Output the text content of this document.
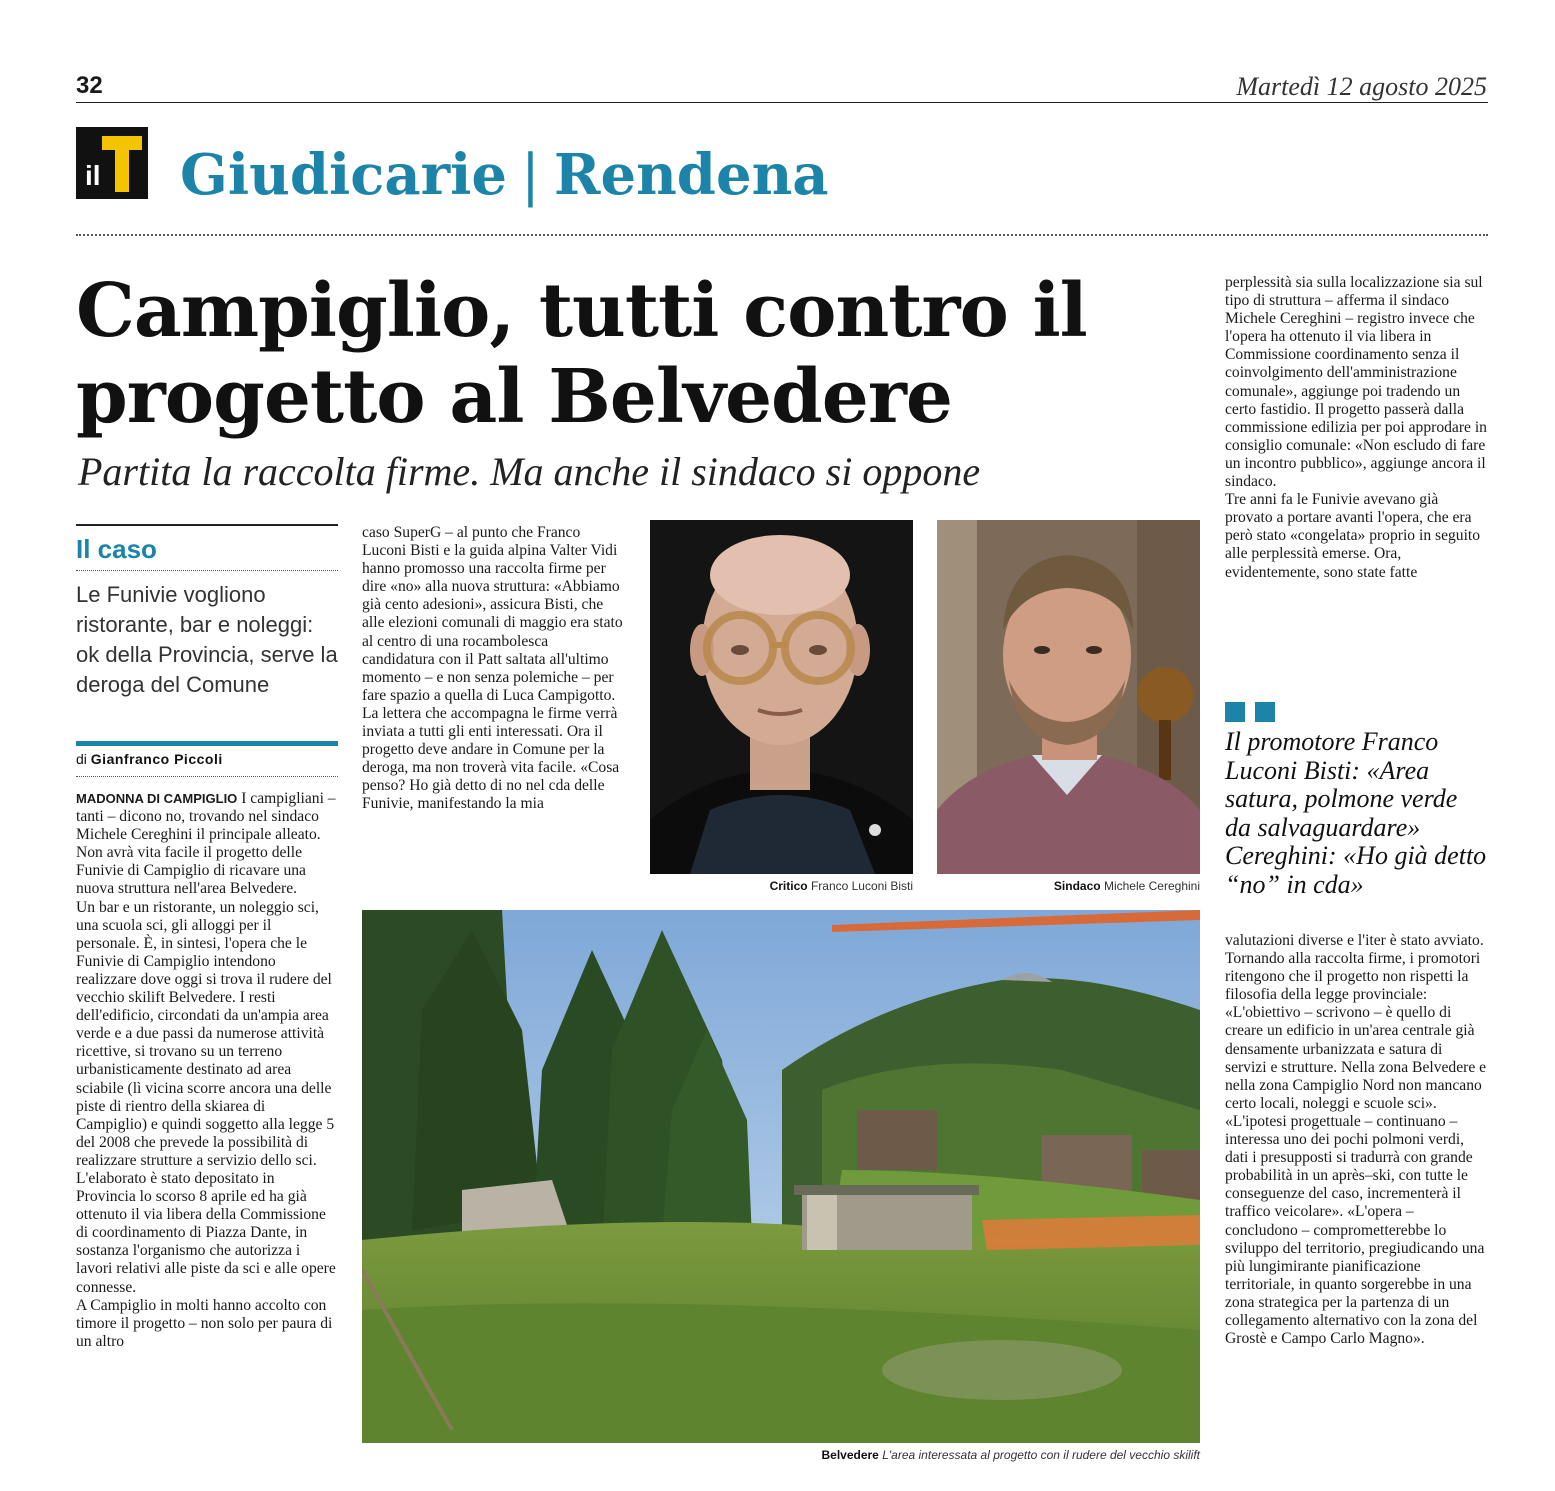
32	Martedì 12 agosto 2025
il Giudicarie | Rendena
Campiglio, tutti contro il progetto al Belvedere
Partita la raccolta firme. Ma anche il sindaco si oppone
Il caso
Le Funivie vogliono ristorante, bar e noleggi: ok della Provincia, serve la deroga del Comune
di Gianfranco Piccoli

MADONNA DI CAMPIGLIO I campigliani – tanti – dicono no, trovando nel sindaco Michele Cereghini il principale alleato. Non avrà vita facile il progetto delle Funivie di Campiglio di ricavare una nuova struttura nell'area Belvedere.

Un bar e un ristorante, un noleggio sci, una scuola sci, gli alloggi per il personale. È, in sintesi, l'opera che le Funivie di Campiglio intendono realizzare dove oggi si trova il rudere del vecchio skilift Belvedere. I resti dell'edificio, circondati da un'ampia area verde e a due passi da numerose attività ricettive, si trovano su un terreno urbanisticamente destinato ad area sciabile (lì vicina scorre ancora una delle piste di rientro della skiarea di Campiglio) e quindi soggetto alla legge 5 del 2008 che prevede la possibilità di realizzare strutture a servizio dello sci. L'elaborato è stato depositato in Provincia lo scorso 8 aprile ed ha già ottenuto il via libera della Commissione di coordinamento di Piazza Dante, in sostanza l'organismo che autorizza i lavori relativi alle piste da sci e alle opere connesse.

A Campiglio in molti hanno accolto con timore il progetto – non solo per paura di un altro

caso SuperG – al punto che Franco Luconi Bisti e la guida alpina Valter Vidi hanno promosso una raccolta firme per dire «no» alla nuova struttura: «Abbiamo già cento adesioni», assicura Bisti, che alle elezioni comunali di maggio era stato al centro di una rocambolesca candidatura con il Patt saltata all'ultimo momento – e non senza polemiche – per fare spazio a quella di Luca Campigotto. La lettera che accompagna le firme verrà inviata a tutti gli enti interessati. Ora il progetto deve andare in Comune per la deroga, ma non troverà vita facile. «Cosa penso? Ho già detto di no nel cda delle Funivie, manifestando la mia

Critico Franco Luconi Bisti	Sindaco Michele Cereghini
Belvedere L'area interessata al progetto con il rudere del vecchio skilift

perplessità sia sulla localizzazione sia sul tipo di struttura – afferma il sindaco Michele Cereghini – registro invece che l'opera ha ottenuto il via libera in Commissione coordinamento senza il coinvolgimento dell'amministrazione comunale», aggiunge poi tradendo un certo fastidio. Il progetto passerà dalla commissione edilizia per poi approdare in consiglio comunale: «Non escludo di fare un incontro pubblico», aggiunge ancora il sindaco.

Tre anni fa le Funivie avevano già provato a portare avanti l'opera, che era però stato «congelata» proprio in seguito alle perplessità emerse. Ora, evidentemente, sono state fatte

Il promotore Franco Luconi Bisti: «Area satura, polmone verde da salvaguardare» Cereghini: «Ho già detto “no” in cda»

valutazioni diverse e l'iter è stato avviato.

Tornando alla raccolta firme, i promotori ritengono che il progetto non rispetti la filosofia della legge provinciale: «L'obiettivo – scrivono – è quello di creare un edificio in un'area centrale già densamente urbanizzata e satura di servizi e strutture. Nella zona Belvedere e nella zona Campiglio Nord non mancano certo locali, noleggi e scuole sci». «L'ipotesi progettuale – continuano – interessa uno dei pochi polmoni verdi, dati i presupposti si tradurrà con grande probabilità in un après–ski, con tutte le conseguenze del caso, incrementerà il traffico veicolare». «L'opera – concludono – comprometterebbe lo sviluppo del territorio, pregiudicando una più lungimirante pianificazione territoriale, in quanto sorgerebbe in una zona strategica per la partenza di un collegamento alternativo con la zona del Grostè e Campo Carlo Magno».
